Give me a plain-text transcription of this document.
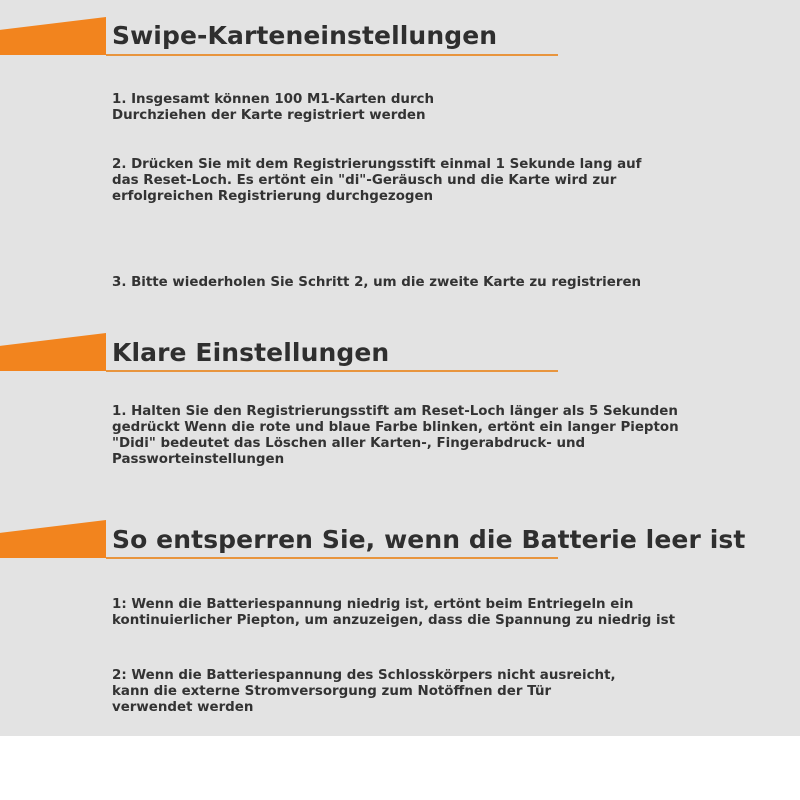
Swipe-Karteneinstellungen
1. Insgesamt können 100 M1-Karten durch
Durchziehen der Karte registriert werden
2. Drücken Sie mit dem Registrierungsstift einmal 1 Sekunde lang auf
das Reset-Loch. Es ertönt ein "di"-Geräusch und die Karte wird zur
erfolgreichen Registrierung durchgezogen
3. Bitte wiederholen Sie Schritt 2, um die zweite Karte zu registrieren
Klare Einstellungen
1. Halten Sie den Registrierungsstift am Reset-Loch länger als 5 Sekunden
gedrückt Wenn die rote und blaue Farbe blinken, ertönt ein langer Piepton
"Didi" bedeutet das Löschen aller Karten-, Fingerabdruck- und
Passworteinstellungen
So entsperren Sie, wenn die Batterie leer ist
1: Wenn die Batteriespannung niedrig ist, ertönt beim Entriegeln ein
kontinuierlicher Piepton, um anzuzeigen, dass die Spannung zu niedrig ist
2: Wenn die Batteriespannung des Schlosskörpers nicht ausreicht,
kann die externe Stromversorgung zum Notöffnen der Tür
verwendet werden
